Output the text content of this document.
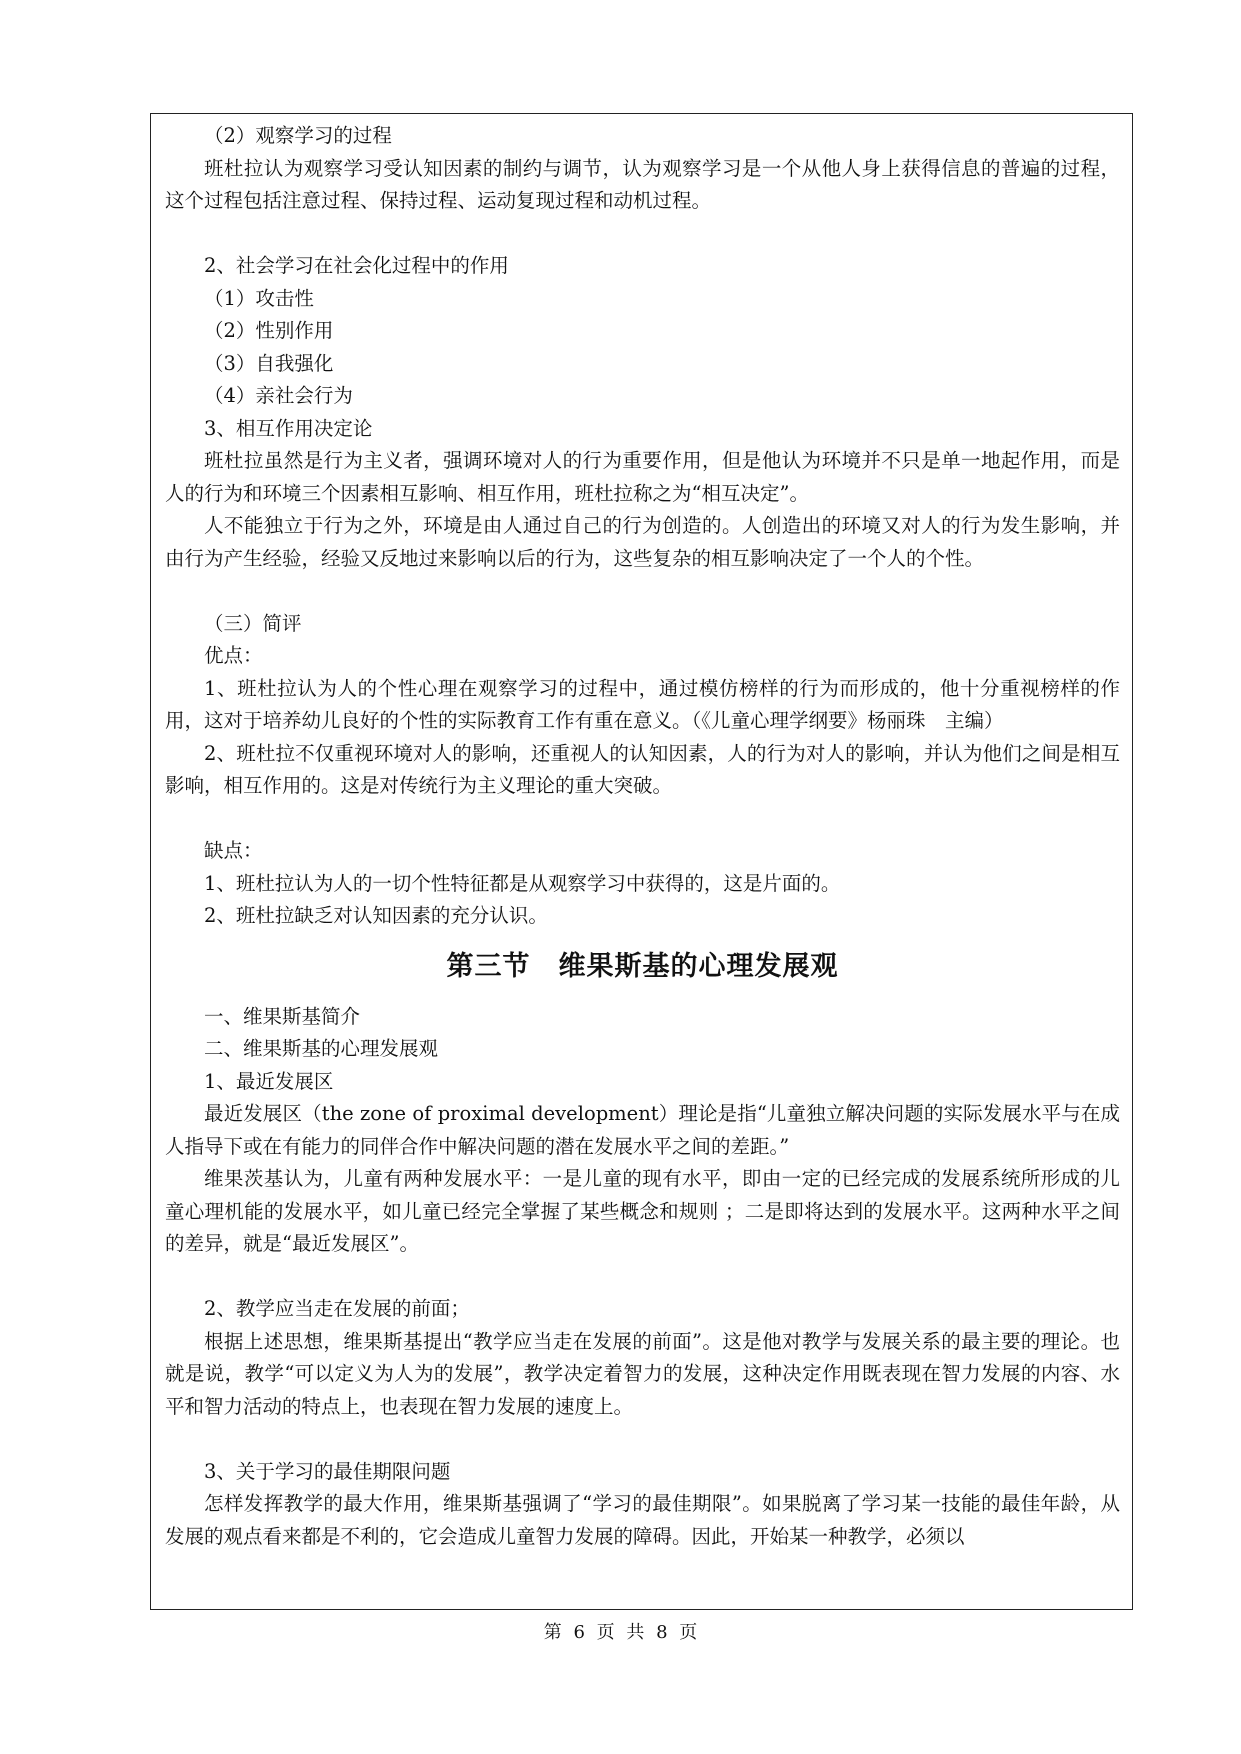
（2）观察学习的过程

班杜拉认为观察学习受认知因素的制约与调节，认为观察学习是一个从他人身上获得信息的普遍的过程，这个过程包括注意过程、保持过程、运动复现过程和动机过程。

2、社会学习在社会化过程中的作用

（1）攻击性

（2）性别作用

（3）自我强化

（4）亲社会行为

3、相互作用决定论

班杜拉虽然是行为主义者，强调环境对人的行为重要作用，但是他认为环境并不只是单一地起作用，而是人的行为和环境三个因素相互影响、相互作用，班杜拉称之为“相互决定”。

人不能独立于行为之外，环境是由人通过自己的行为创造的。人创造出的环境又对人的行为发生影响，并由行为产生经验，经验又反地过来影响以后的行为，这些复杂的相互影响决定了一个人的个性。

（三）简评

优点：

1、班杜拉认为人的个性心理在观察学习的过程中，通过模仿榜样的行为而形成的，他十分重视榜样的作用，这对于培养幼儿良好的个性的实际教育工作有重在意义。（《儿童心理学纲要》杨丽珠　主编）

2、班杜拉不仅重视环境对人的影响，还重视人的认知因素，人的行为对人的影响，并认为他们之间是相互影响，相互作用的。这是对传统行为主义理论的重大突破。

缺点：

1、班杜拉认为人的一切个性特征都是从观察学习中获得的，这是片面的。

2、班杜拉缺乏对认知因素的充分认识。

第三节　维果斯基的心理发展观

一、维果斯基简介

二、维果斯基的心理发展观

1、最近发展区

最近发展区（the zone of proximal development）理论是指“儿童独立解决问题的实际发展水平与在成人指导下或在有能力的同伴合作中解决问题的潜在发展水平之间的差距。”

维果茨基认为，儿童有两种发展水平：一是儿童的现有水平，即由一定的已经完成的发展系统所形成的儿童心理机能的发展水平，如儿童已经完全掌握了某些概念和规则 ；二是即将达到的发展水平。这两种水平之间的差异，就是“最近发展区”。

2、教学应当走在发展的前面；

根据上述思想，维果斯基提出“教学应当走在发展的前面”。这是他对教学与发展关系的最主要的理论。也就是说，教学“可以定义为人为的发展”，教学决定着智力的发展，这种决定作用既表现在智力发展的内容、水平和智力活动的特点上，也表现在智力发展的速度上。

3、关于学习的最佳期限问题

怎样发挥教学的最大作用，维果斯基强调了“学习的最佳期限”。如果脱离了学习某一技能的最佳年龄，从发展的观点看来都是不利的，它会造成儿童智力发展的障碍。因此，开始某一种教学，必须以

第 6 页 共 8 页
